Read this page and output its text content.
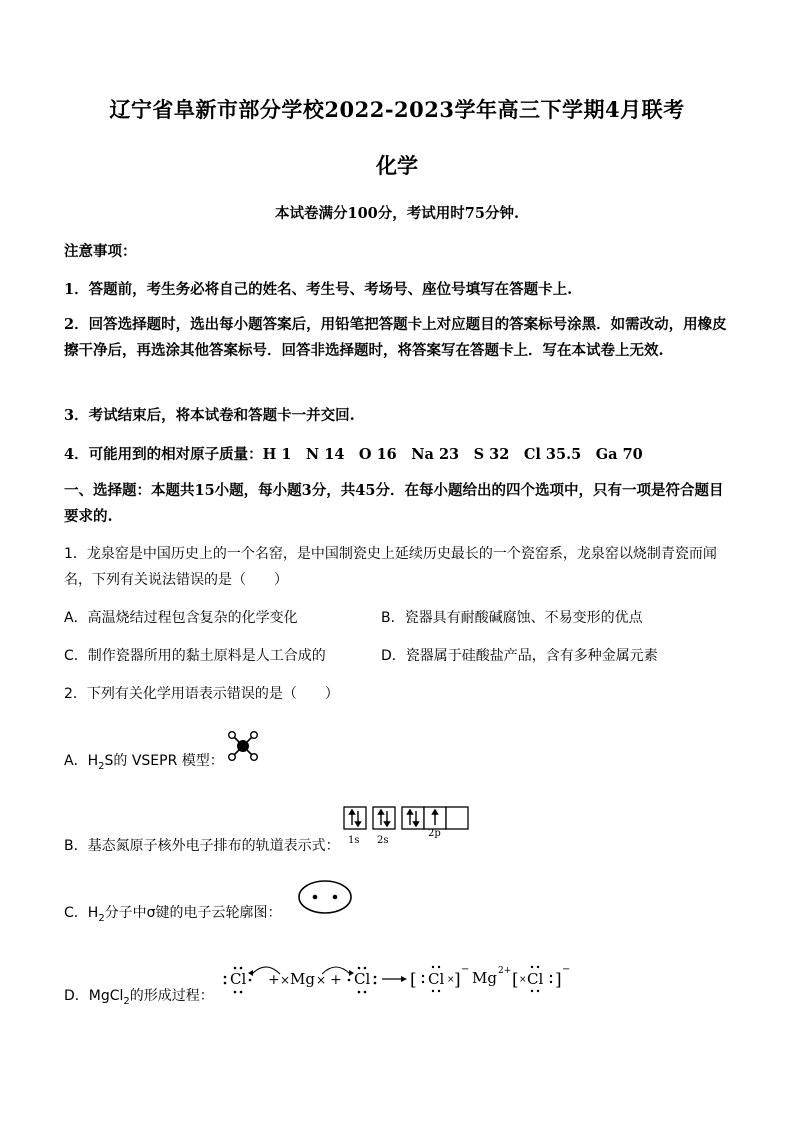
辽宁省阜新市部分学校2022-2023学年高三下学期4月联考
化学
本试卷满分100分，考试用时75分钟.
注意事项：
1．答题前，考生务必将自己的姓名、考生号、考场号、座位号填写在答题卡上.
2．回答选择题时，选出每小题答案后，用铅笔把答题卡上对应题目的答案标号涂黑．如需改动，用橡皮擦干净后，再选涂其他答案标号．回答非选择题时，将答案写在答题卡上．写在本试卷上无效.
3．考试结束后，将本试卷和答题卡一并交回.
4．可能用到的相对原子质量：H 1　N 14　O 16　Na 23　S 32　Cl 35.5　Ga 70
一、选择题：本题共15小题，每小题3分，共45分．在每小题给出的四个选项中，只有一项是符合题目要求的.
1．龙泉窑是中国历史上的一个名窑，是中国制瓷史上延续历史最长的一个瓷窑系，龙泉窑以烧制青瓷而闻名，下列有关说法错误的是（　　）
A．高温烧结过程包含复杂的化学变化	B．瓷器具有耐酸碱腐蚀、不易变形的优点
C．制作瓷器所用的黏土原料是人工合成的	D．瓷器属于硅酸盐产品，含有多种金属元素
2．下列有关化学用语表示错误的是（　　）
A．$H_2S$的 VSEPR 模型：
B．基态氮原子核外电子排布的轨道表示式： 1s 2s
2p
C．$H_2$分子中σ键的电子云轮廓图：
D．MgCl$_2$的形成过程：
Cl + × Mg × + Cl [ Cl × ]
− Mg 2+ [ × Cl ]
−
